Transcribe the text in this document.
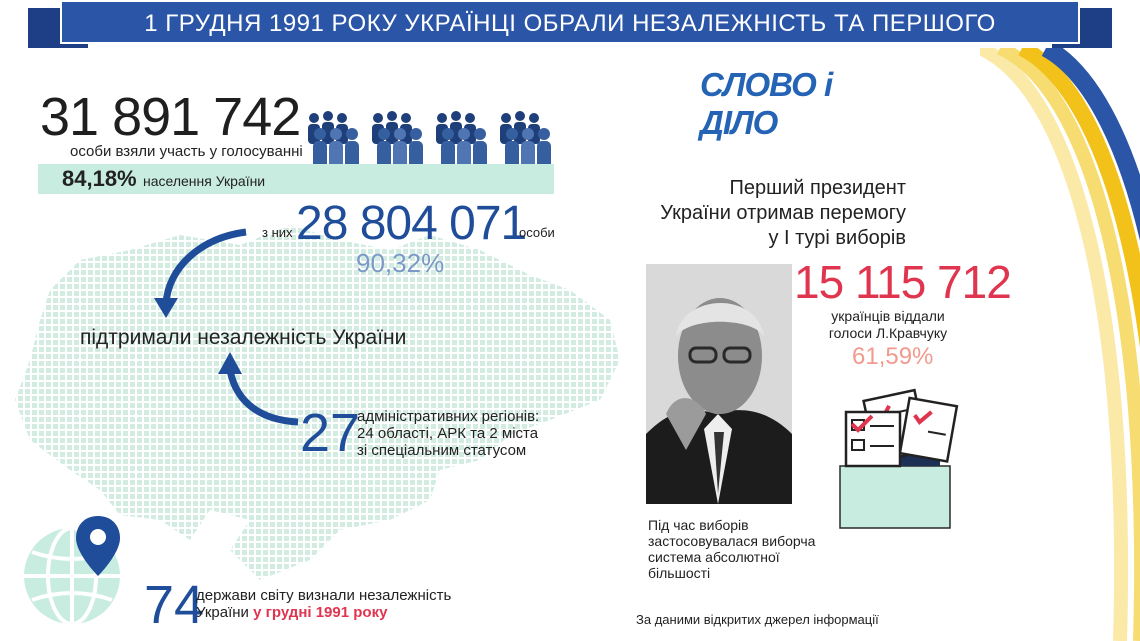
1 ГРУДНЯ 1991 РОКУ УКРАЇНЦІ ОБРАЛИ НЕЗАЛЕЖНІСТЬ ТА ПЕРШОГО ПРЕЗИДЕНТА	СЛОВО і ДІЛО
31 891 742
особи взяли участь у голосуванні
84,18% населення України
з них 28 804 071
особи
90,32%
підтримали незалежність України
27
адміністративних регіонів:
24 області, АРК та 2 міста
зі спеціальним статусом
74
держави світу визнали незалежність
України у грудні 1991 року
Перший президент
України отримав перемогу
у І турі виборів
15 115 712
українців віддали
голоси Л.Кравчуку
61,59%
Під час виборів
застосовувалася виборча
система абсолютної
більшості
За даними відкритих джерел інформації
